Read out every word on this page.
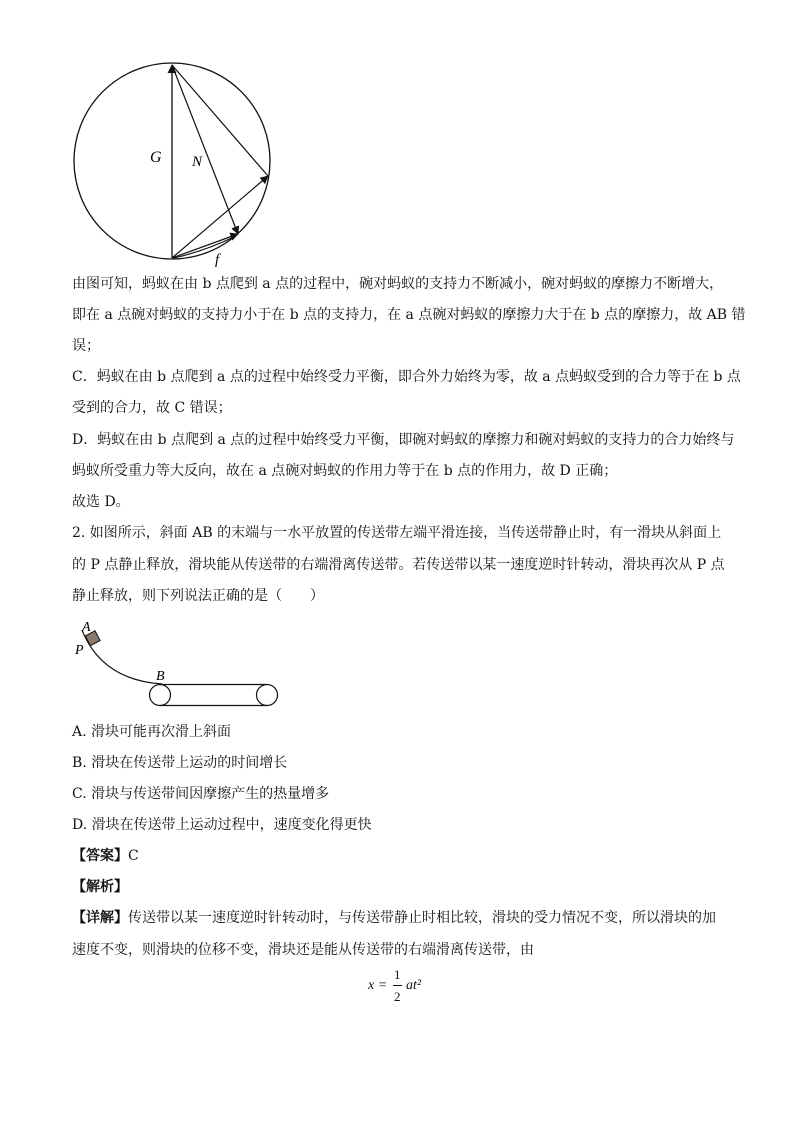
G N
f
由图可知，蚂蚁在由 b 点爬到 a 点的过程中，碗对蚂蚁的支持力不断减小，碗对蚂蚁的摩擦力不断增大，
即在 a 点碗对蚂蚁的支持力小于在 b 点的支持力，在 a 点碗对蚂蚁的摩擦力大于在 b 点的摩擦力，故 AB 错
误；
C．蚂蚁在由 b 点爬到 a 点的过程中始终受力平衡，即合外力始终为零，故 a 点蚂蚁受到的合力等于在 b 点
受到的合力，故 C 错误；
D．蚂蚁在由 b 点爬到 a 点的过程中始终受力平衡，即碗对蚂蚁的摩擦力和碗对蚂蚁的支持力的合力始终与
蚂蚁所受重力等大反向，故在 a 点碗对蚂蚁的作用力等于在 b 点的作用力，故 D 正确；
故选 D。
2. 如图所示，斜面 AB 的末端与一水平放置的传送带左端平滑连接，当传送带静止时，有一滑块从斜面上
的 P 点静止释放，滑块能从传送带的右端滑离传送带。若传送带以某一速度逆时针转动，滑块再次从 P 点
静止释放，则下列说法正确的是（　　）
A
P
B
A. 滑块可能再次滑上斜面
B. 滑块在传送带上运动的时间增长
C. 滑块与传送带间因摩擦产生的热量增多
D. 滑块在传送带上运动过程中，速度变化得更快
【答案】C
【解析】
【详解】传送带以某一速度逆时针转动时，与传送带静止时相比较，滑块的受力情况不变，所以滑块的加
速度不变，则滑块的位移不变，滑块还是能从传送带的右端滑离传送带，由
x =
1
2
at²
